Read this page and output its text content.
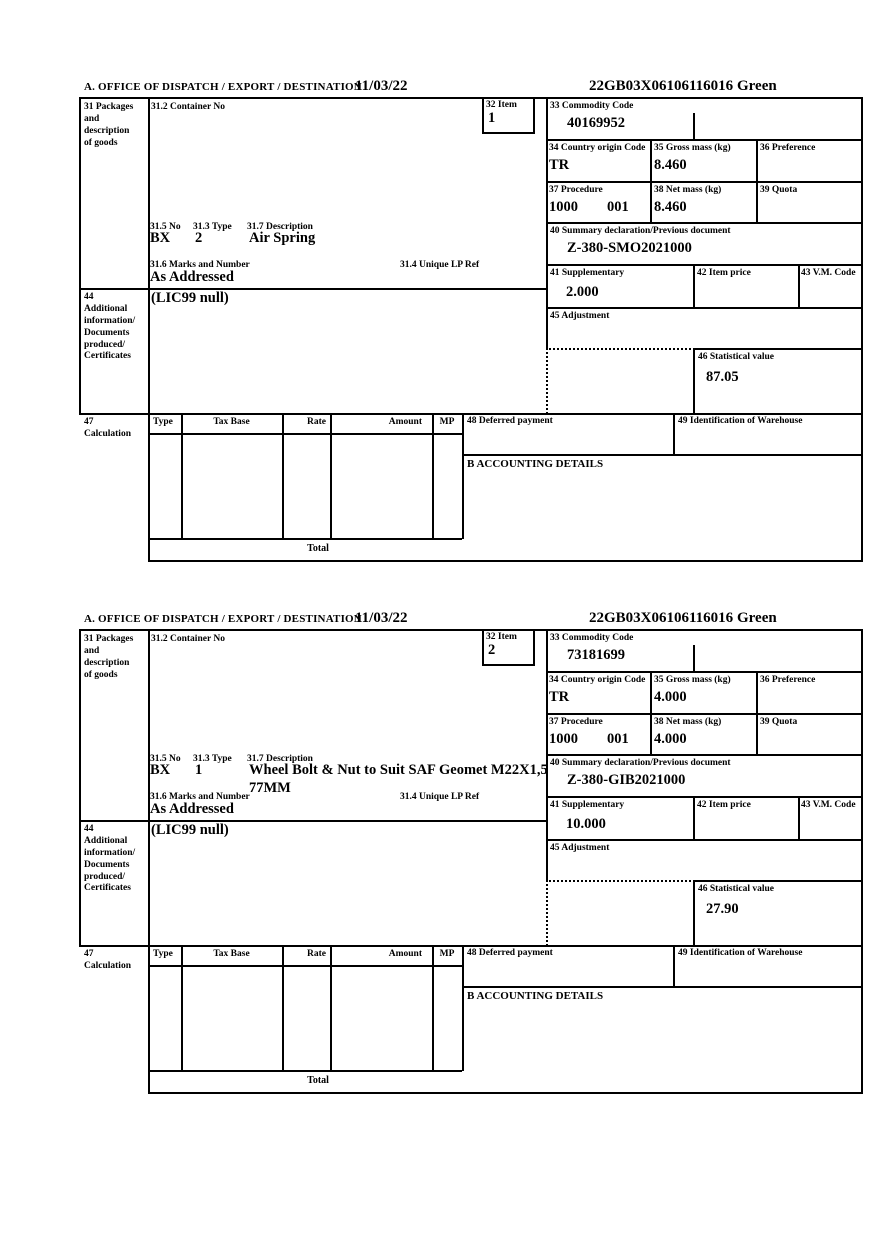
A. OFFICE OF DISPATCH / EXPORT / DESTINATION
11/03/22	22GB03X06106116016 Green
31 Packages
and
description
of goods
31.2 Container No	32 Item
1
31.5 No 31.3 Type 31.7 Description
BX 2	Air Spring
31.6 Marks and Number	31.4 Unique LP Ref
As Addressed
44
Additional
information/
Documents
produced/
Certificates
(LIC99 null)
33 Commodity Code
40169952
34 Country origin Code
TR
35 Gross mass (kg)
8.460
36 Preference
37 Procedure
1000 001
38 Net mass (kg)
8.460
39 Quota
40 Summary declaration/Previous document
Z-380-SMO2021000
41 Supplementary
2.000
42 Item price	43 V.M. Code
45 Adjustment
46 Statistical value
87.05
47
Calculation
Type	Tax Base	Rate	Amount	MP
Total
48 Deferred payment	49 Identification of Warehouse
B ACCOUNTING DETAILS
A. OFFICE OF DISPATCH / EXPORT / DESTINATION
11/03/22	22GB03X06106116016 Green
31 Packages
and
description
of goods
31.2 Container No	32 Item
2
31.5 No 31.3 Type 31.7 Description
BX 1	Wheel Bolt & Nut to Suit SAF Geomet M22X1,5
77MM
31.6 Marks and Number	31.4 Unique LP Ref
As Addressed
44
Additional
information/
Documents
produced/
Certificates
(LIC99 null)
33 Commodity Code
73181699
34 Country origin Code
TR
35 Gross mass (kg)
4.000
36 Preference
37 Procedure
1000 001
38 Net mass (kg)
4.000
39 Quota
40 Summary declaration/Previous document
Z-380-GIB2021000
41 Supplementary
10.000
42 Item price	43 V.M. Code
45 Adjustment
46 Statistical value
27.90
47
Calculation
Type	Tax Base	Rate	Amount	MP
Total
48 Deferred payment	49 Identification of Warehouse
B ACCOUNTING DETAILS
